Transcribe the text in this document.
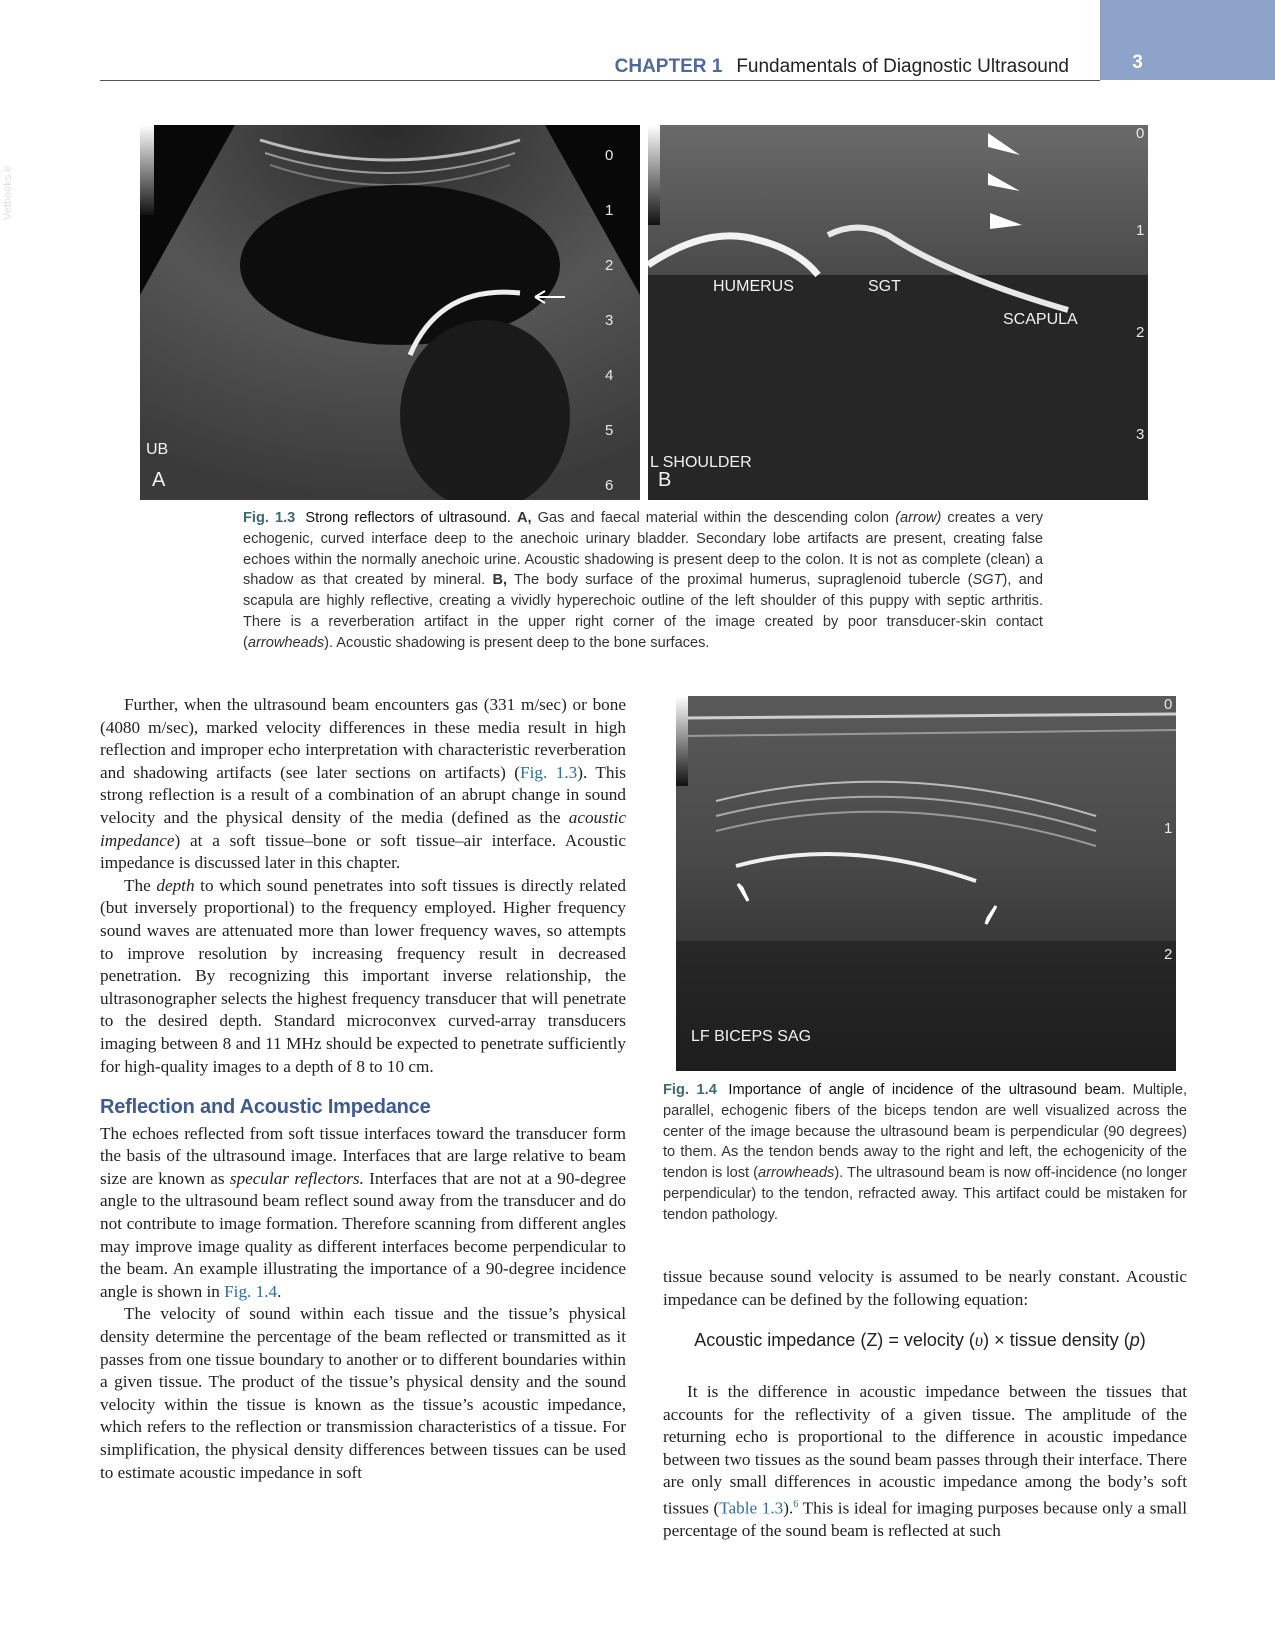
3
CHAPTER 1 Fundamentals of Diagnostic Ultrasound
Vetbooks.ir
0
1
2
3
4
5
6
UB
A
0
1
2
3
HUMERUS	SGT
SCAPULA
L SHOULDER
B
Fig. 1.3 Strong reflectors of ultrasound. A, Gas and faecal material within the descending colon (arrow) creates a very echogenic, curved interface deep to the anechoic urinary bladder. Secondary lobe artifacts are present, creating false echoes within the normally anechoic urine. Acoustic shadowing is present deep to the colon. It is not as complete (clean) a shadow as that created by mineral. B, The body surface of the proximal humerus, supraglenoid tubercle (SGT), and scapula are highly reflective, creating a vividly hyperechoic outline of the left shoulder of this puppy with septic arthritis. There is a reverberation artifact in the upper right corner of the image created by poor transducer-skin contact (arrowheads). Acoustic shadowing is present deep to the bone surfaces.

Further, when the ultrasound beam encounters gas (331 m/sec) or bone (4080 m/sec), marked velocity differences in these media result in high reflection and improper echo interpretation with characteristic reverberation and shadowing artifacts (see later sections on artifacts) (Fig. 1.3). This strong reflection is a result of a combination of an abrupt change in sound velocity and the physical density of the media (defined as the acoustic impedance) at a soft tissue–bone or soft tissue–air interface. Acoustic impedance is discussed later in this chapter.

The depth to which sound penetrates into soft tissues is directly related (but inversely proportional) to the frequency employed. Higher frequency sound waves are attenuated more than lower frequency waves, so attempts to improve resolution by increasing frequency result in decreased penetration. By recognizing this important inverse relationship, the ultrasonographer selects the highest frequency transducer that will penetrate to the desired depth. Standard microconvex curved-array transducers imaging between 8 and 11 MHz should be expected to penetrate sufficiently for high-quality images to a depth of 8 to 10 cm.

Reflection and Acoustic Impedance

The echoes reflected from soft tissue interfaces toward the transducer form the basis of the ultrasound image. Interfaces that are large relative to beam size are known as specular reflectors. Interfaces that are not at a 90-degree angle to the ultrasound beam reflect sound away from the transducer and do not contribute to image formation. Therefore scanning from different angles may improve image quality as different interfaces become perpendicular to the beam. An example illustrating the importance of a 90-degree incidence angle is shown in Fig. 1.4.

The velocity of sound within each tissue and the tissue’s physical density determine the percentage of the beam reflected or transmitted as it passes from one tissue boundary to another or to different boundaries within a given tissue. The product of the tissue’s physical density and the sound velocity within the tissue is known as the tissue’s acoustic impedance, which refers to the reflection or transmission characteristics of a tissue. For simplification, the physical density differences between tissues can be used to estimate acoustic impedance in soft

0
1
2
LF BICEPS SAG
Fig. 1.4 Importance of angle of incidence of the ultrasound beam. Multiple, parallel, echogenic fibers of the biceps tendon are well visualized across the center of the image because the ultrasound beam is perpendicular (90 degrees) to them. As the tendon bends away to the right and left, the echogenicity of the tendon is lost (arrowheads). The ultrasound beam is now off-incidence (no longer perpendicular) to the tendon, refracted away. This artifact could be mistaken for tendon pathology.

tissue because sound velocity is assumed to be nearly constant. Acoustic impedance can be defined by the following equation:

Acoustic impedance (Z) = velocity (υ) × tissue density (p)

It is the difference in acoustic impedance between the tissues that accounts for the reflectivity of a given tissue. The amplitude of the returning echo is proportional to the difference in acoustic impedance between two tissues as the sound beam passes through their interface. There are only small differences in acoustic impedance among the body’s soft tissues (Table 1.3).$^6$ This is ideal for imaging purposes because only a small percentage of the sound beam is reflected at such
